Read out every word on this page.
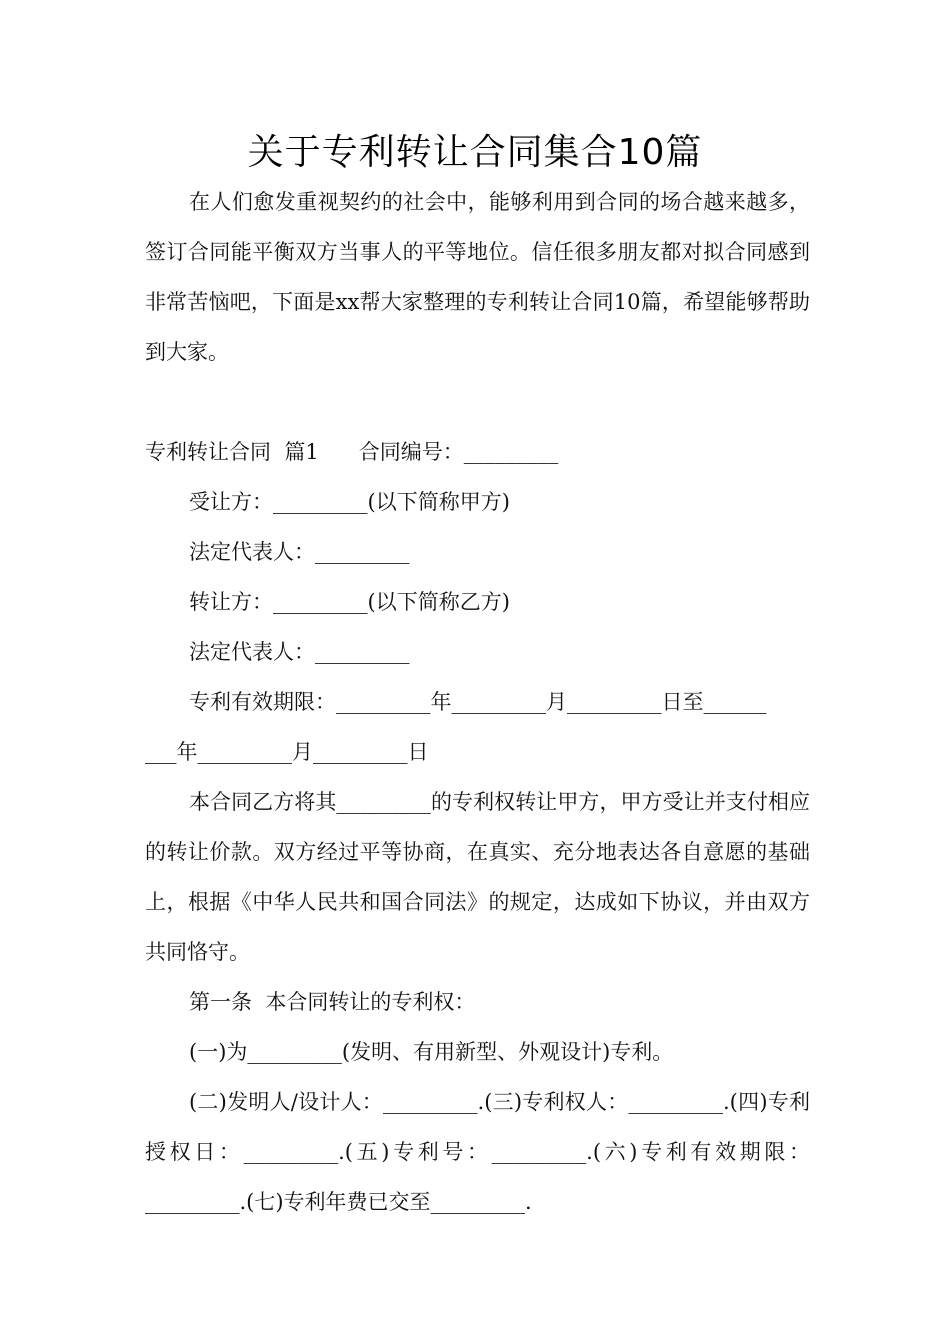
关于专利转让合同集合10篇

在人们愈发重视契约的社会中，能够利用到合同的场合越来越多，签订合同能平衡双方当事人的平等地位。信任很多朋友都对拟合同感到非常苦恼吧，下面是xx帮大家整理的专利转让合同10篇，希望能够帮助到大家。

专利转让合同  篇1      合同编号：_________

受让方：_________(以下简称甲方)

法定代表人：_________

转让方：_________(以下简称乙方)

法定代表人：_________

专利有效期限：_________年_________月_________日至______

___年_________月_________日

本合同乙方将其_________的专利权转让甲方，甲方受让并支付相应的转让价款。双方经过平等协商，在真实、充分地表达各自意愿的基础上，根据《中华人民共和国合同法》的规定，达成如下协议，并由双方共同恪守。

第一条  本合同转让的专利权：

(一)为_________(发明、有用新型、外观设计)专利。

(二)发明人/设计人：_________.(三)专利权人：_________.(四)专利授权日：_________.(五)专利号：_________.(六)专利有效期限：_________.(七)专利年费已交至_________.
